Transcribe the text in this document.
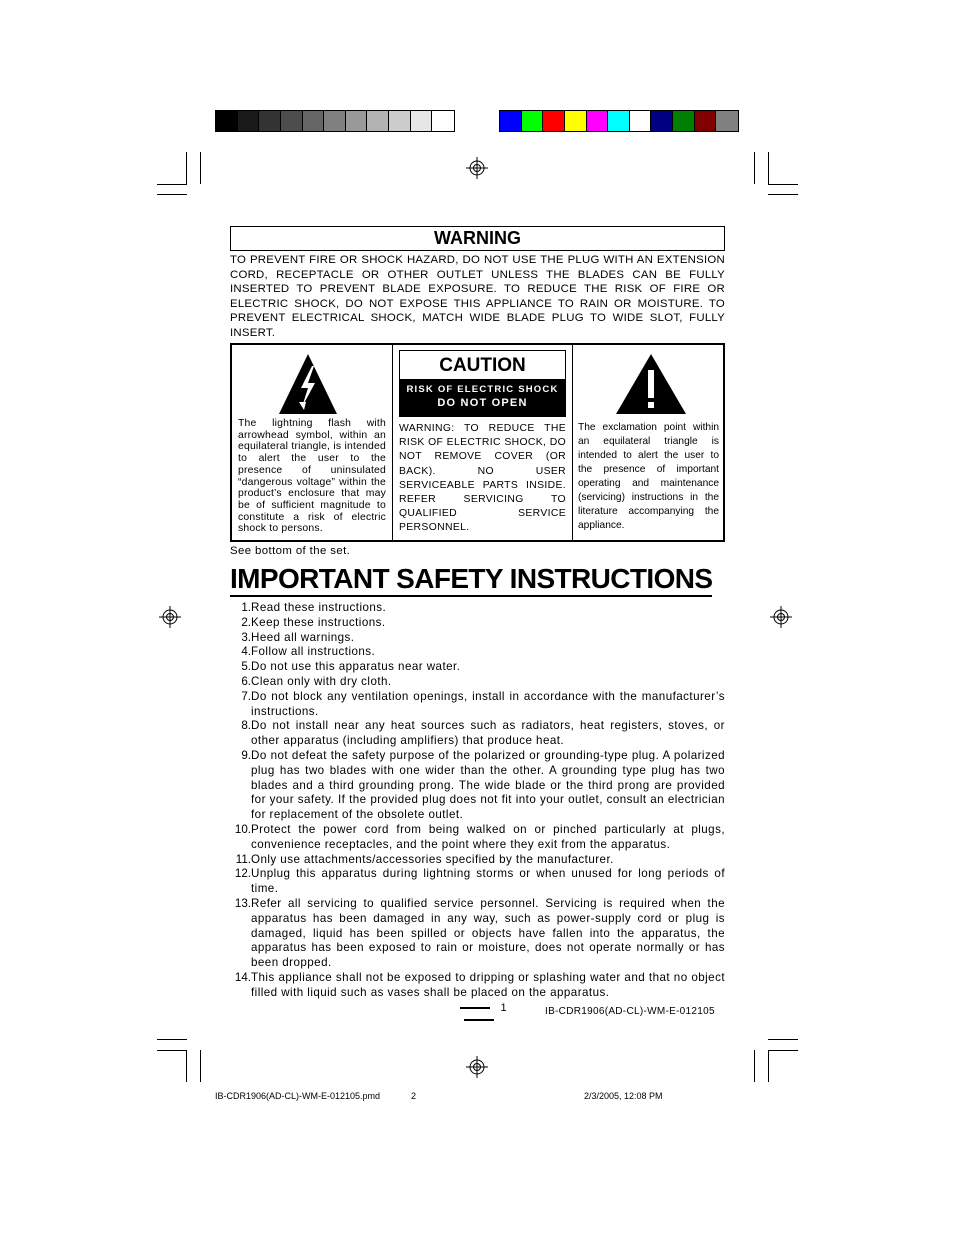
WARNING
TO PREVENT FIRE OR SHOCK HAZARD, DO NOT USE THE PLUG WITH AN EXTENSION CORD, RECEPTACLE OR OTHER OUTLET UNLESS THE BLADES CAN BE FULLY INSERTED TO PREVENT BLADE EXPOSURE. TO REDUCE THE RISK OF FIRE OR ELECTRIC SHOCK, DO NOT EXPOSE THIS APPLIANCE TO RAIN OR MOISTURE. TO PREVENT ELECTRICAL SHOCK, MATCH WIDE BLADE PLUG TO WIDE SLOT, FULLY INSERT.
The lightning flash with arrowhead symbol, within an equilateral triangle, is intended to alert the user to the presence of uninsulated “dangerous voltage” within the product’s enclosure that may be of sufficient magnitude to constitute a risk of electric shock to persons.
CAUTION
RISK OF ELECTRIC SHOCK
DO NOT OPEN
WARNING: TO REDUCE THE RISK OF ELECTRIC SHOCK, DO NOT REMOVE COVER (OR BACK). NO USER SERVICEABLE PARTS INSIDE. REFER SERVICING TO QUALIFIED SERVICE PERSONNEL.
The exclamation point within an equilateral triangle is intended to alert the user to the presence of important operating and maintenance (servicing) instructions in the literature accompanying the appliance.
See bottom of the set.
IMPORTANT SAFETY INSTRUCTIONS
1. Read these instructions.
2. Keep these instructions.
3. Heed all warnings.
4. Follow all instructions.
5. Do not use this apparatus near water.
6. Clean only with dry cloth.
7. Do not block any ventilation openings, install in accordance with the manufacturer’s instructions.
8. Do not install near any heat sources such as radiators, heat registers, stoves, or other apparatus (including amplifiers) that produce heat.
9. Do not defeat the safety purpose of the polarized or grounding-type plug. A polarized plug has two blades with one wider than the other. A grounding type plug has two blades and a third grounding prong. The wide blade or the third prong are provided for your safety. If the provided plug does not fit into your outlet, consult an electrician for replacement of the obsolete outlet.
10. Protect the power cord from being walked on or pinched particularly at plugs, convenience receptacles, and the point where they exit from the apparatus.
11. Only use attachments/accessories specified by the manufacturer.
12. Unplug this apparatus during lightning storms or when unused for long periods of time.
13. Refer all servicing to qualified service personnel. Servicing is required when the apparatus has been damaged in any way, such as power-supply cord or plug is damaged, liquid has been spilled or objects have fallen into the apparatus, the apparatus has been exposed to rain or moisture, does not operate normally or has been dropped.
14. This appliance shall not be exposed to dripping or splashing water and that no object filled with liquid such as vases shall be placed on the apparatus.
1	IB-CDR1906(AD-CL)-WM-E-012105
IB-CDR1906(AD-CL)-WM-E-012105.pmd	2	2/3/2005, 12:08 PM
